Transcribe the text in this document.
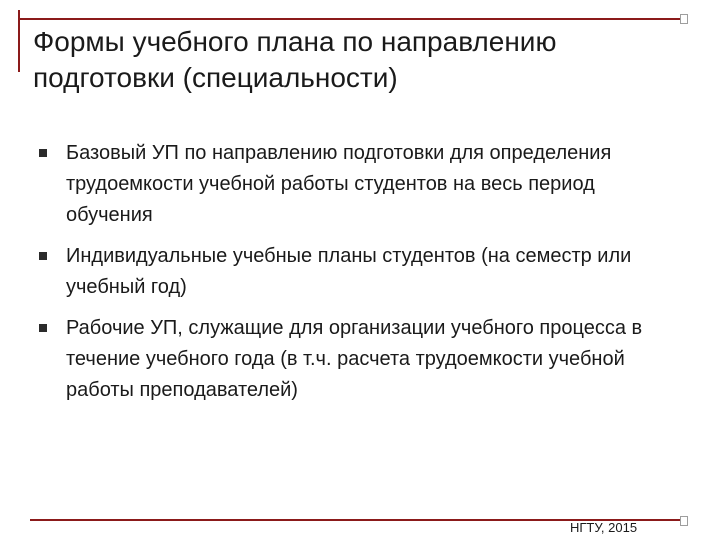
Формы учебного плана по направлению подготовки (специальности)
Базовый УП по направлению подготовки для определения трудоемкости учебной работы студентов на весь период обучения
Индивидуальные учебные планы студентов (на семестр или учебный год)
Рабочие УП, служащие для организации учебного процесса в течение учебного года (в т.ч. расчета трудоемкости учебной работы преподавателей)
НГТУ, 2015
